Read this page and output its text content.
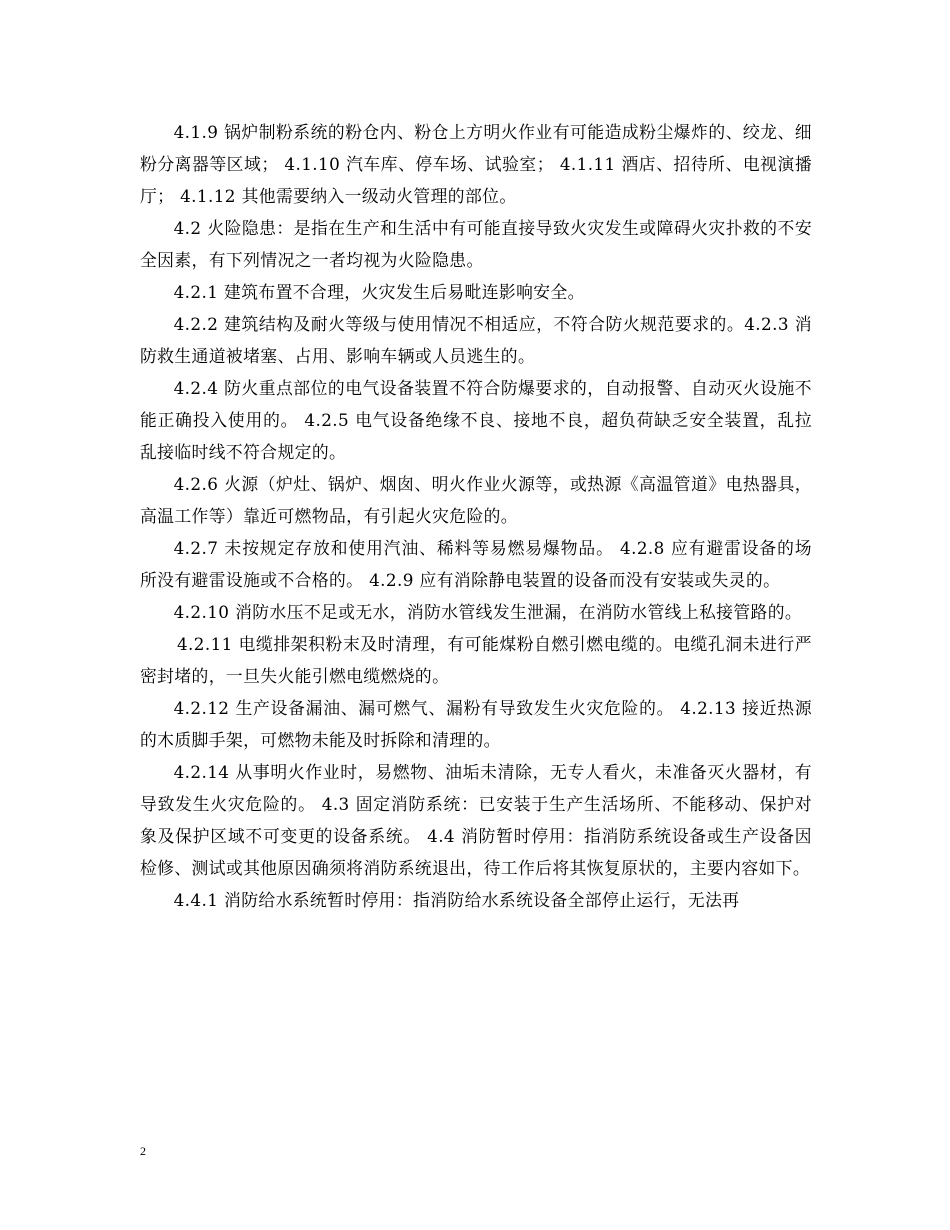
4.1.9 锅炉制粉系统的粉仓内、粉仓上方明火作业有可能造成粉尘爆炸的、绞龙、细粉分离器等区域； 4.1.10 汽车库、停车场、试验室； 4.1.11 酒店、招待所、电视演播厅； 4.1.12 其他需要纳入一级动火管理的部位。

4.2 火险隐患：是指在生产和生活中有可能直接导致火灾发生或障碍火灾扑救的不安全因素，有下列情况之一者均视为火险隐患。

4.2.1 建筑布置不合理，火灾发生后易毗连影响安全。

4.2.2 建筑结构及耐火等级与使用情况不相适应，不符合防火规范要求的。4.2.3 消防救生通道被堵塞、占用、影响车辆或人员逃生的。

4.2.4 防火重点部位的电气设备装置不符合防爆要求的，自动报警、自动灭火设施不能正确投入使用的。 4.2.5 电气设备绝缘不良、接地不良，超负荷缺乏安全装置，乱拉乱接临时线不符合规定的。

4.2.6 火源（炉灶、锅炉、烟囱、明火作业火源等，或热源《高温管道》电热器具，高温工作等）靠近可燃物品，有引起火灾危险的。

4.2.7 未按规定存放和使用汽油、稀料等易燃易爆物品。 4.2.8 应有避雷设备的场所没有避雷设施或不合格的。 4.2.9 应有消除静电装置的设备而没有安装或失灵的。

4.2.10 消防水压不足或无水，消防水管线发生泄漏，在消防水管线上私接管路的。

4.2.11 电缆排架积粉末及时清理，有可能煤粉自燃引燃电缆的。电缆孔洞未进行严密封堵的，一旦失火能引燃电缆燃烧的。

4.2.12 生产设备漏油、漏可燃气、漏粉有导致发生火灾危险的。 4.2.13 接近热源的木质脚手架，可燃物未能及时拆除和清理的。

4.2.14 从事明火作业时，易燃物、油垢未清除，无专人看火，未准备灭火器材，有导致发生火灾危险的。 4.3 固定消防系统：已安装于生产生活场所、不能移动、保护对象及保护区域不可变更的设备系统。 4.4 消防暂时停用：指消防系统设备或生产设备因检修、测试或其他原因确须将消防系统退出，待工作后将其恢复原状的，主要内容如下。

4.4.1 消防给水系统暂时停用：指消防给水系统设备全部停止运行，无法再

2
